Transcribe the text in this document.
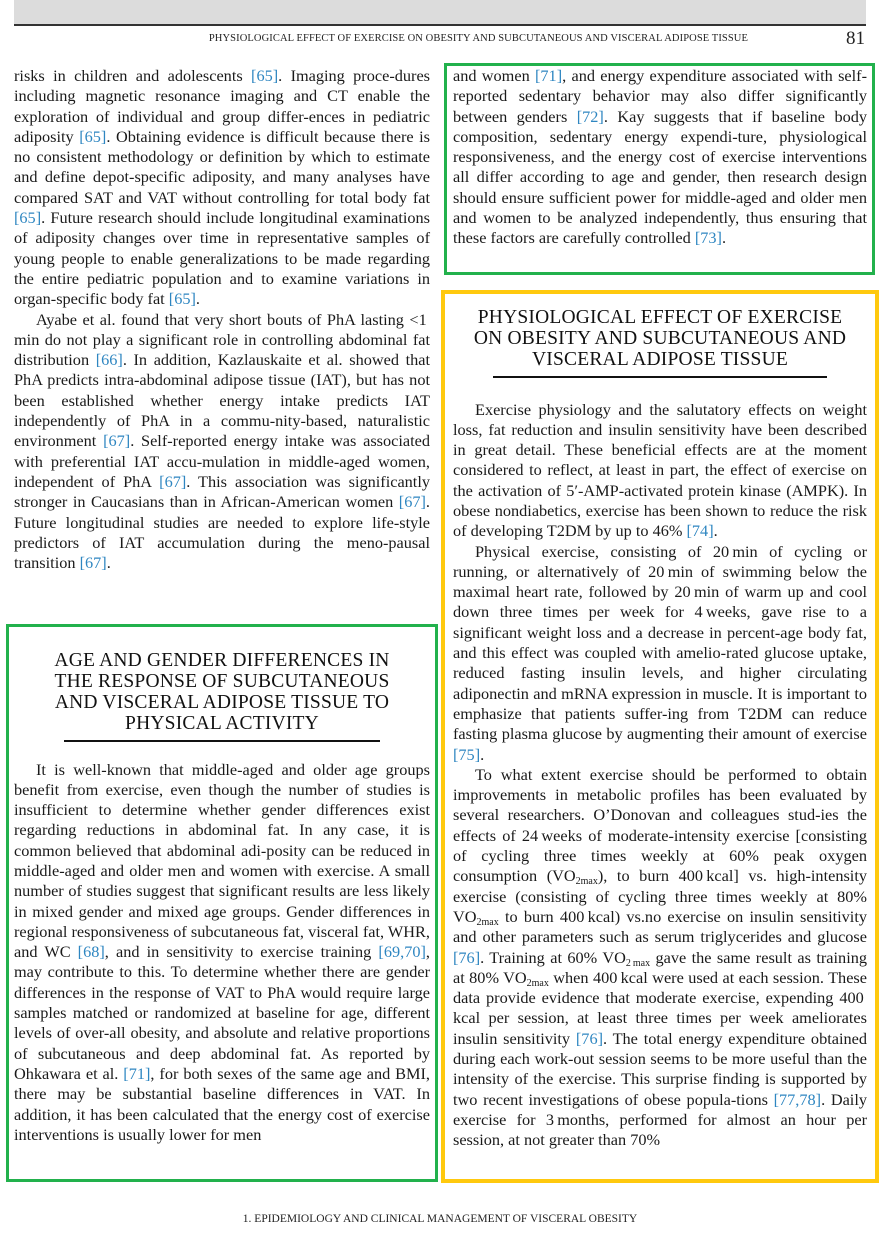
PHYSIOLOGICAL EFFECT OF EXERCISE ON OBESITY AND SUBCUTANEOUS AND VISCERAL ADIPOSE TISSUE	81

risks in children and adolescents [65]. Imaging proce-dures including magnetic resonance imaging and CT enable the exploration of individual and group differ-ences in pediatric adiposity [65]. Obtaining evidence is difficult because there is no consistent methodology or definition by which to estimate and define depot-specific adiposity, and many analyses have compared SAT and VAT without controlling for total body fat [65]. Future research should include longitudinal examinations of adiposity changes over time in representative samples of young people to enable generalizations to be made regarding the entire pediatric population and to examine variations in organ-specific body fat [65].

Ayabe et al. found that very short bouts of PhA lasting <1 min do not play a significant role in controlling abdominal fat distribution [66]. In addition, Kazlauskaite et al. showed that PhA predicts intra-abdominal adipose tissue (IAT), but has not been established whether energy intake predicts IAT independently of PhA in a commu-nity-based, naturalistic environment [67]. Self-reported energy intake was associated with preferential IAT accu-mulation in middle-aged women, independent of PhA [67]. This association was significantly stronger in Caucasians than in African-American women [67]. Future longitudinal studies are needed to explore life-style predictors of IAT accumulation during the meno-pausal transition [67].

AGE AND GENDER DIFFERENCES IN THE RESPONSE OF SUBCUTANEOUS AND VISCERAL ADIPOSE TISSUE TO PHYSICAL ACTIVITY

It is well-known that middle-aged and older age groups benefit from exercise, even though the number of studies is insufficient to determine whether gender differences exist regarding reductions in abdominal fat. In any case, it is common believed that abdominal adi-posity can be reduced in middle-aged and older men and women with exercise. A small number of studies suggest that significant results are less likely in mixed gender and mixed age groups. Gender differences in regional responsiveness of subcutaneous fat, visceral fat, WHR, and WC [68], and in sensitivity to exercise training [69,70], may contribute to this. To determine whether there are gender differences in the response of VAT to PhA would require large samples matched or randomized at baseline for age, different levels of over-all obesity, and absolute and relative proportions of subcutaneous and deep abdominal fat. As reported by Ohkawara et al. [71], for both sexes of the same age and BMI, there may be substantial baseline differences in VAT. In addition, it has been calculated that the energy cost of exercise interventions is usually lower for men

and women [71], and energy expenditure associated with self-reported sedentary behavior may also differ significantly between genders [72]. Kay suggests that if baseline body composition, sedentary energy expendi-ture, physiological responsiveness, and the energy cost of exercise interventions all differ according to age and gender, then research design should ensure sufficient power for middle-aged and older men and women to be analyzed independently, thus ensuring that these factors are carefully controlled [73].

PHYSIOLOGICAL EFFECT OF EXERCISE ON OBESITY AND SUBCUTANEOUS AND VISCERAL ADIPOSE TISSUE

Exercise physiology and the salutatory effects on weight loss, fat reduction and insulin sensitivity have been described in great detail. These beneficial effects are at the moment considered to reflect, at least in part, the effect of exercise on the activation of 5′-AMP-activated protein kinase (AMPK). In obese nondiabetics, exercise has been shown to reduce the risk of developing T2DM by up to 46% [74].

Physical exercise, consisting of 20 min of cycling or running, or alternatively of 20 min of swimming below the maximal heart rate, followed by 20 min of warm up and cool down three times per week for 4 weeks, gave rise to a significant weight loss and a decrease in percent-age body fat, and this effect was coupled with amelio-rated glucose uptake, reduced fasting insulin levels, and higher circulating adiponectin and mRNA expression in muscle. It is important to emphasize that patients suffer-ing from T2DM can reduce fasting plasma glucose by augmenting their amount of exercise [75].

To what extent exercise should be performed to obtain improvements in metabolic profiles has been evaluated by several researchers. O’Donovan and colleagues stud-ies the effects of 24 weeks of moderate-intensity exercise [consisting of cycling three times weekly at 60% peak oxygen consumption $(VO_{2max})$, to burn 400 kcal] vs. high-intensity exercise (consisting of cycling three times weekly at 80% $VO_{2max}$ to burn 400 kcal) vs.no exercise on insulin sensitivity and other parameters such as serum triglycerides and glucose [76]. Training at 60% $VO_{2 max}$ gave the same result as training at 80% $VO_{2max}$ when 400 kcal were used at each session. These data provide evidence that moderate exercise, expending 400 kcal per session, at least three times per week ameliorates insulin sensitivity [76]. The total energy expenditure obtained during each work-out session seems to be more useful than the intensity of the exercise. This surprise finding is supported by two recent investigations of obese popula-tions [77,78]. Daily exercise for 3 months, performed for almost an hour per session, at not greater than 70%

1. EPIDEMIOLOGY AND CLINICAL MANAGEMENT OF VISCERAL OBESITY
